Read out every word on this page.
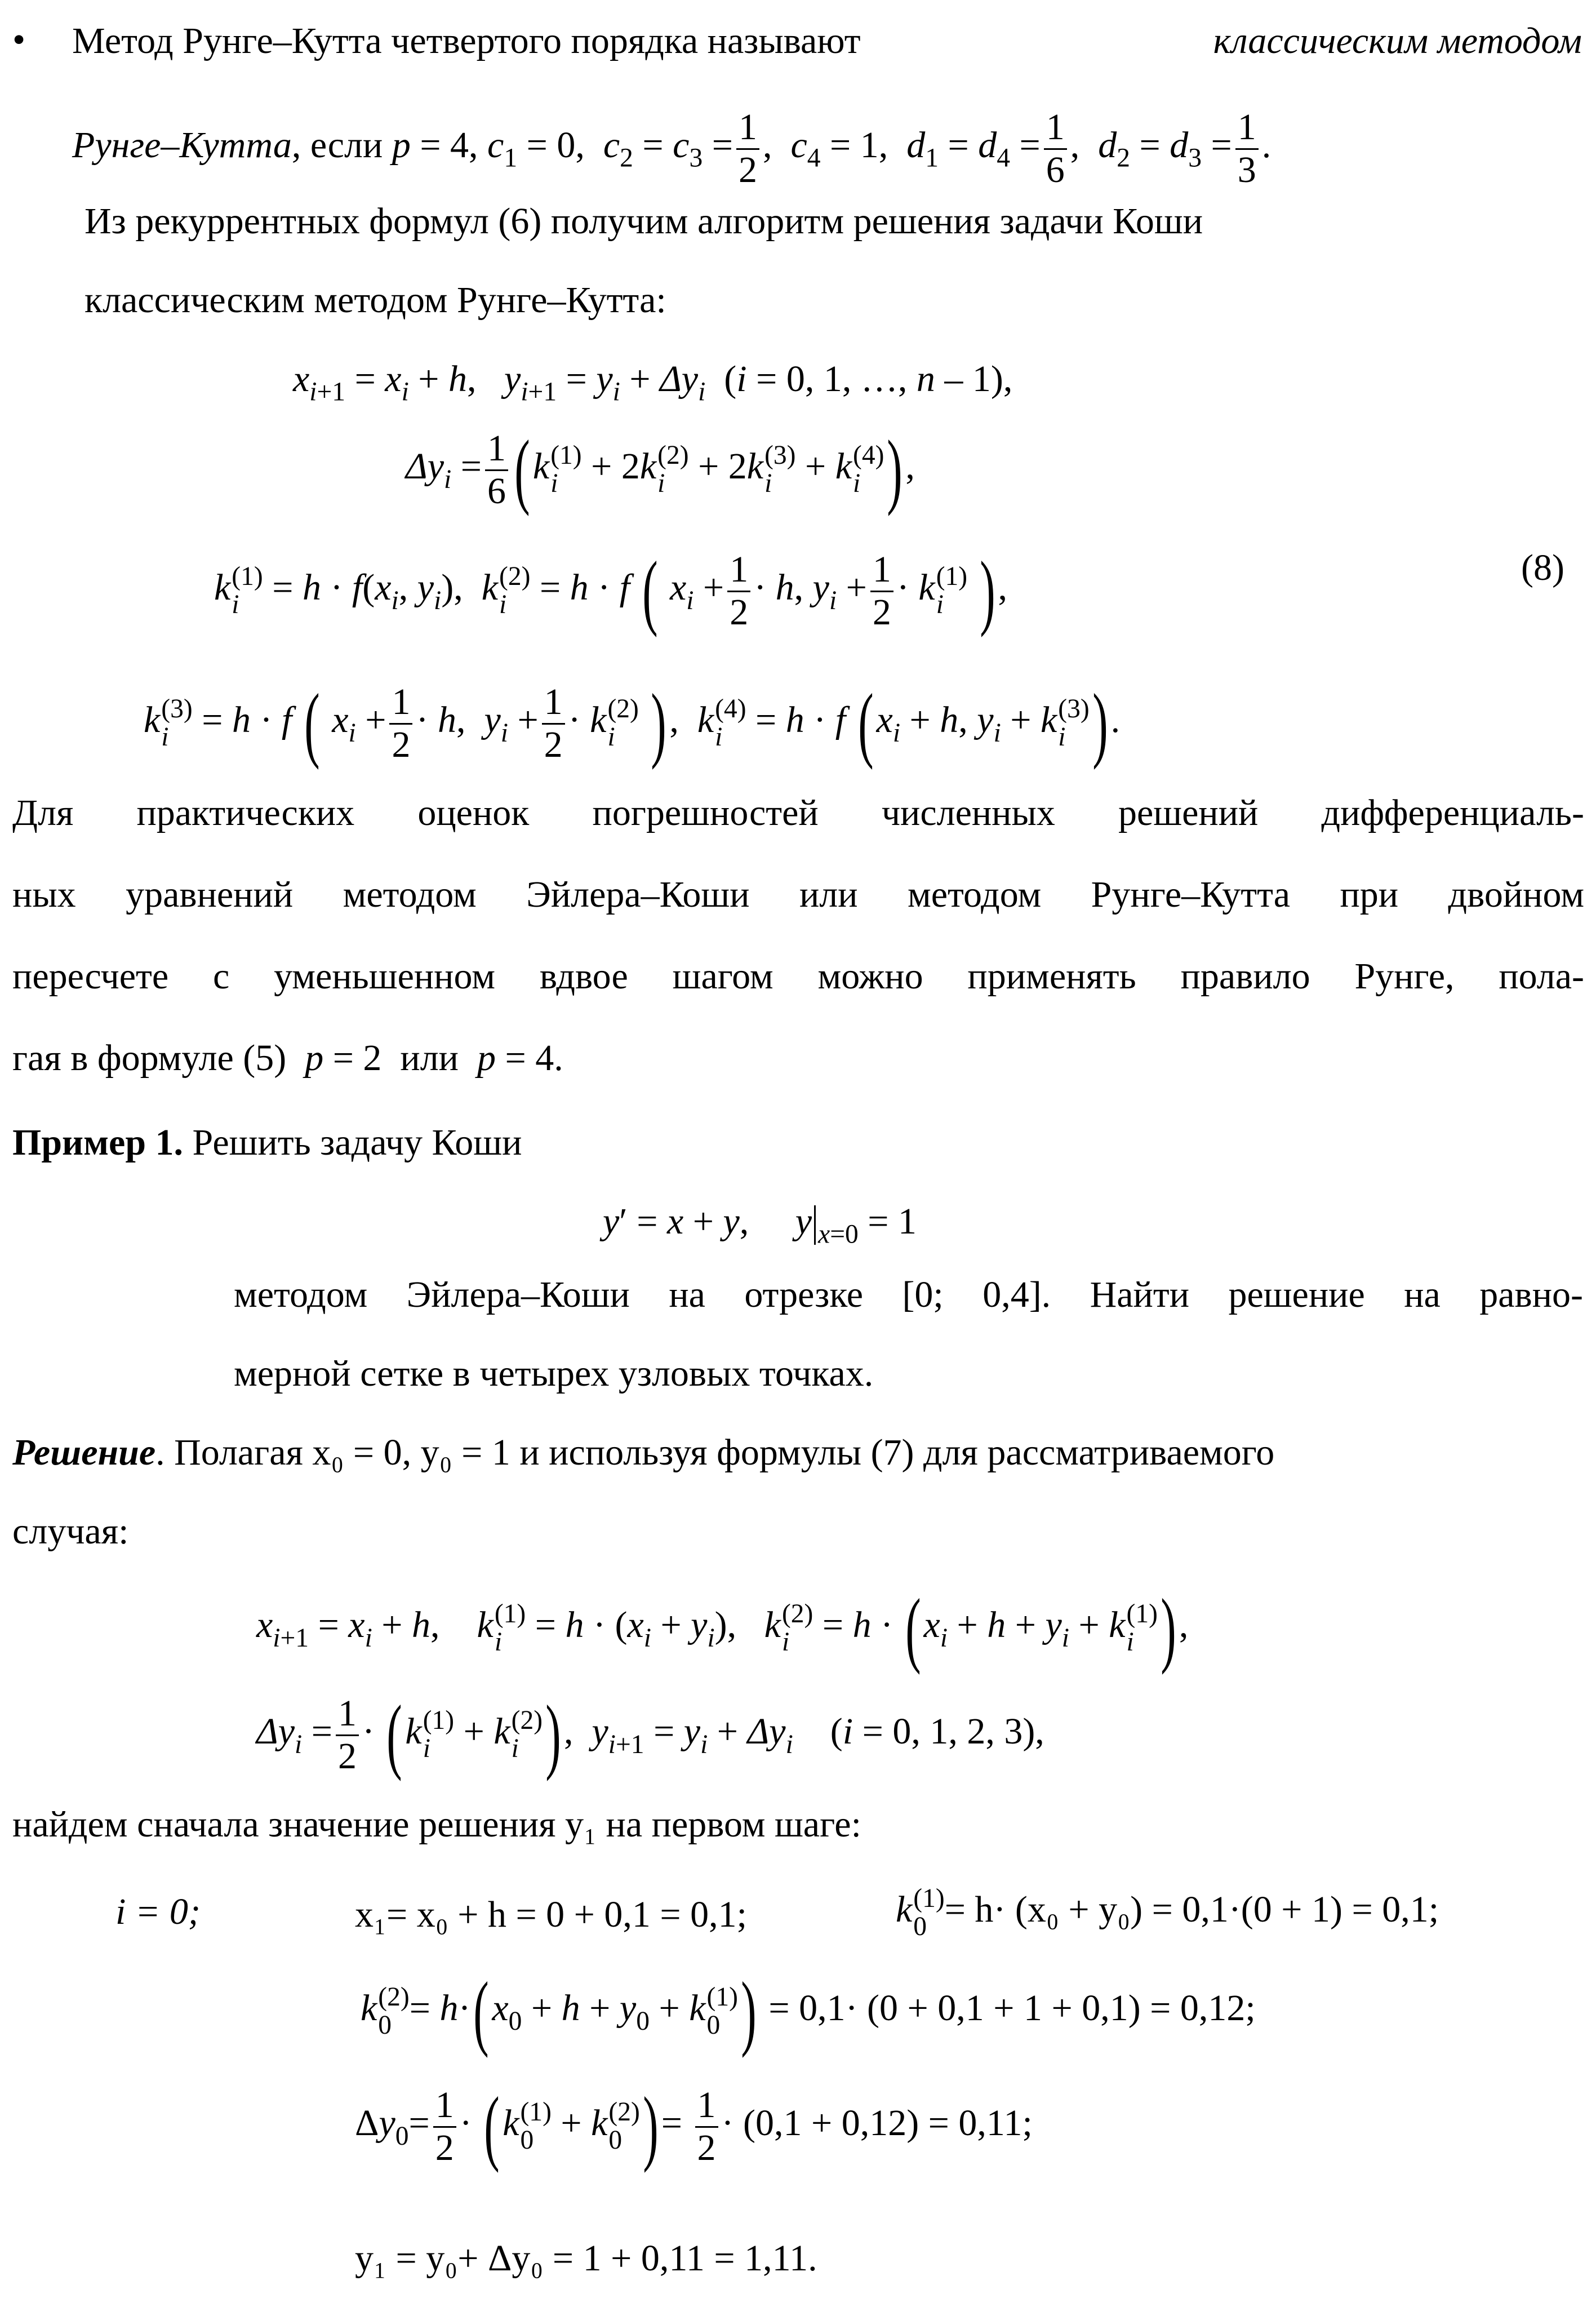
• Метод Рунге–Кутта четвертого порядка называют	классическим методом
Рунге–Кутта, если p = 4, $c_1 = 0$,  $c_2 = c_3 = \frac{1}{2}$ ,  $c_4 = 1$,  $d_1 = d_4 = \frac{1}{6}$ ,  $d_2 = d_3 = \frac{1}{3}$ .
Из рекуррентных формул (6) получим алгоритм решения задачи Коши
классическим методом Рунге–Кутта:
$x_{i+1} = x_i + h$,   $y_{i+1} = y_i + \Delta y_i$  (i = 0, 1, …, n – 1),
$\Delta y_i = \frac{1}{6} (k$ (1)
i + 2k (2)
i + 2k (3)
i + k (4)
i ),
k (1)
$i = h \cdot f(x_i$, $y_i$),  k (2)
i = h · f ( $x_i + \frac{1}{2} \cdot h$, $y_i + \frac{1}{2} \cdot k$ (1)
i ),	(8)
k (3)
i = h · f ( $x_i + \frac{1}{2} \cdot h$,  $y_i + \frac{1}{2} \cdot k$ (2)
i ),  k (4)
i = h · f ($x_i + h$, $y_i + k$ (3)
i ).
Для практических оценок погрешностей численных решений дифференциаль-
ных уравнений методом Эйлера–Коши или методом Рунге–Кутта при двойном
пересчете с уменьшенном вдвое шагом можно применять правило Рунге, пола-
гая в формуле (5)  p = 2  или  p = 4.
Пример 1. Решить задачу Коши
y′ = x + y,     y $_{x=0}$ = 1
методом Эйлера–Коши на отрезке [0; 0,4]. Найти решение на равно-
мерной сетке в четырех узловых точках.
Решение . Полагая x₀ = 0, y₀ = 1 и используя формулы (7) для рассматриваемого
случая:
$x_{i+1} = x_i + h$,    k (1)
$i = h \cdot (x_i + y_i)$,   k (2)
$i = h \cdot (x_i + h + y_i + k$ (1)
i ),
$\Delta y_i = \frac{1}{2} \cdot (k$ (1)
i + k (2)
i ),  $y_{i+1} = y_i + \Delta y_i$    (i = 0, 1, 2, 3),
найдем сначала значение решения y₁ на первом шаге:
i = 0;	x₁= x₀ + h = 0 + 0,1 = 0,1;	k (1)
0 = h· (x₀ + y₀) = 0,1·(0 + 1) = 0,1;
k (2)
$0 = h\cdot(x_0 + h + y_0 + k$ (1)
0 ) = 0,1· (0 + 0,1 + 1 + 0,1) = 0,12;
$\Delta y_0= \frac{1}{2} \cdot (k$ (1)
0 + k (2)
0 )= $\frac{1}{2} \cdot (0,1 + 0,12) = 0,11$;
y₁ = y₀+ Δy₀ = 1 + 0,11 = 1,11.
